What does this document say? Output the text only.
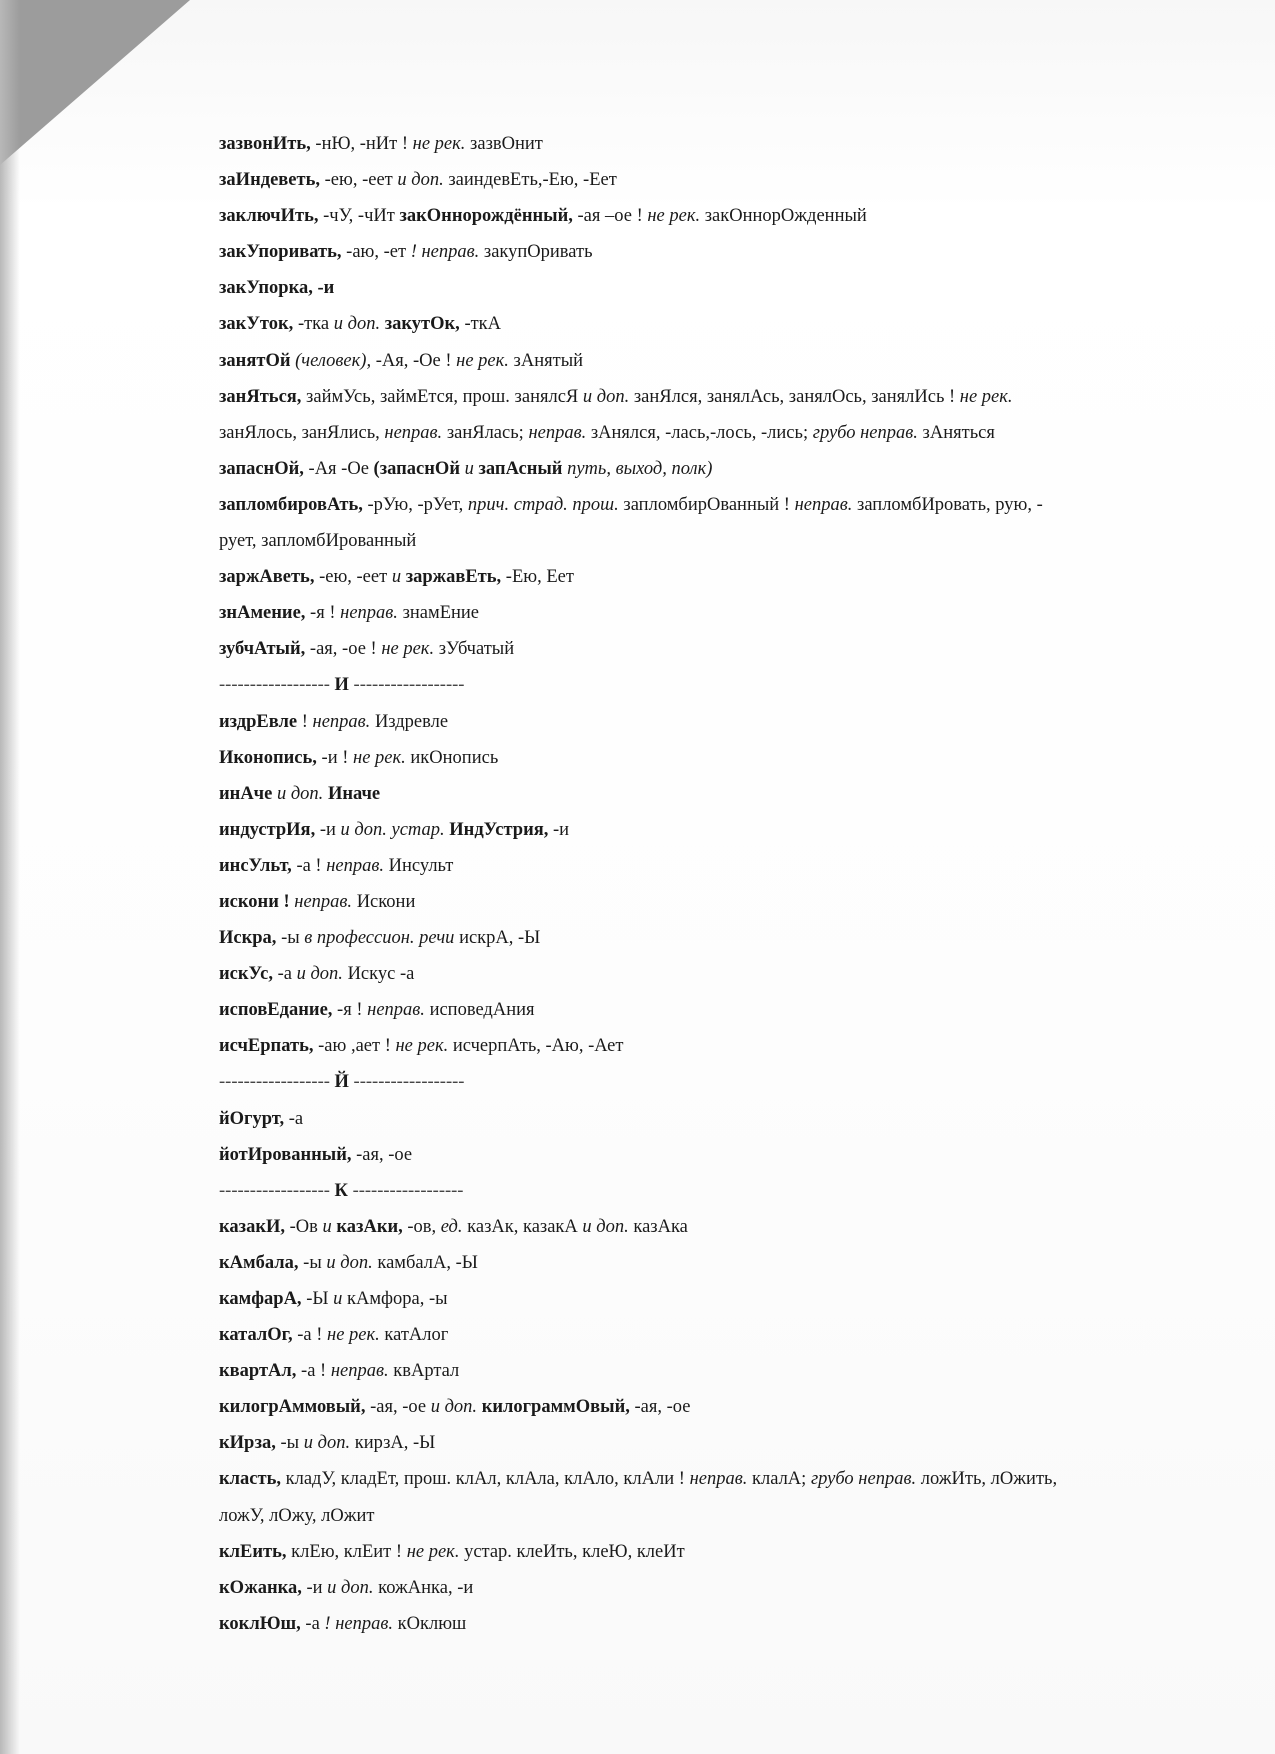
зазвонИть, -нЮ, -нИт ! не рек. зазвОнит
заИндеветь, -ею, -еет и доп. заиндевЕть,-Ею, -Еет
заключИть, -чУ, -чИт закОннорождённый, -ая –ое ! не рек. закОннорОжденный
закУпоривать, -аю, -ет ! неправ. закупОривать
закУпорка, -и
закУток, -тка и доп. закутОк, -ткА
занятОй (человек), -Ая, -Ое ! не рек. зАнятый
занЯться, займУсь, займЕтся, прош. занялсЯ и доп. занЯлся, занялАсь, занялОсь, занялИсь ! не рек.
занЯлось, занЯлись, неправ. занЯлась; неправ. зАнялся, -лась,-лось, -лись; грубо неправ. зАняться
запаснОй, -Ая -Ое (запаснОй и запАсный путь, выход, полк)
запломбировАть, -рУю, -рУет, прич. страд. прош. запломбирОванный ! неправ. запломбИровать, рую, -
рует, запломбИрованный
заржАветь, -ею, -еет и заржавЕть, -Ею, Еет
знАмение, -я ! неправ. знамЕние
зубчАтый, -ая, -ое ! не рек. зУбчатый
------------------ И ------------------
издрЕвле ! неправ. Издревле
Иконопись, -и ! не рек. икОнопись
инАче и доп. Иначе
индустрИя, -и и доп. устар. ИндУстрия, -и
инсУльт, -а ! неправ. Инсульт
искони ! неправ. Искони
Искра, -ы в профессион. речи искрА, -Ы
искУс, -а и доп. Искус -а
исповЕдание, -я ! неправ. исповедАния
исчЕрпать, -аю ,ает ! не рек. исчерпАть, -Аю, -Ает
------------------ Й ------------------
йОгурт, -а
йотИрованный, -ая, -ое
------------------ К ------------------
казакИ, -Ов и казАки, -ов, ед. казАк, казакА и доп. казАка
кАмбала, -ы и доп. камбалА, -Ы
камфарА, -Ы и кАмфора, -ы
каталОг, -а ! не рек. катАлог
квартАл, -а ! неправ. квАртал
килогрАммовый, -ая, -ое и доп. килограммОвый, -ая, -ое
кИрза, -ы и доп. кирзА, -Ы
класть, кладУ, кладЕт, прош. клАл, клАла, клАло, клАли ! неправ. клалА; грубо неправ. ложИть, лОжить,
ложУ, лОжу, лОжит
клЕить, клЕю, клЕит ! не рек. устар. клеИть, клеЮ, клеИт
кОжанка, -и и доп. кожАнка, -и
коклЮш, -а ! неправ. кОклюш
